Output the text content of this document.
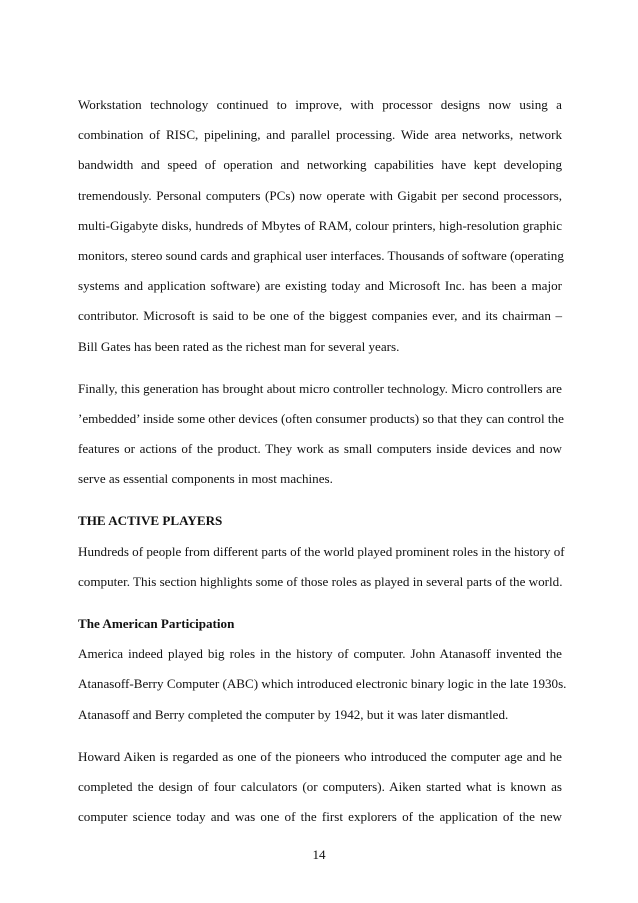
Workstation technology continued to improve, with processor designs now using a
combination of RISC, pipelining, and parallel processing. Wide area networks, network
bandwidth and speed of operation and networking capabilities have kept developing
tremendously. Personal computers (PCs) now operate with Gigabit per second processors,
multi-Gigabyte disks, hundreds of Mbytes of RAM, colour printers, high-resolution graphic
monitors, stereo sound cards and graphical user interfaces. Thousands of software (operating
systems and application software) are existing today and Microsoft Inc. has been a major
contributor. Microsoft is said to be one of the biggest companies ever, and its chairman –
Bill Gates has been rated as the richest man for several years.
Finally, this generation has brought about micro controller technology. Micro controllers are
’embedded’ inside some other devices (often consumer products) so that they can control the
features or actions of the product. They work as small computers inside devices and now
serve as essential components in most machines.
THE ACTIVE PLAYERS
Hundreds of people from different parts of the world played prominent roles in the history of
computer. This section highlights some of those roles as played in several parts of the world.
The American Participation
America indeed played big roles in the history of computer. John Atanasoff invented the
Atanasoff-Berry Computer (ABC) which introduced electronic binary logic in the late 1930s.
Atanasoff and Berry completed the computer by 1942, but it was later dismantled.
Howard Aiken is regarded as one of the pioneers who introduced the computer age and he
completed the design of four calculators (or computers). Aiken started what is known as
computer science today and was one of the first explorers of the application of the new
14
